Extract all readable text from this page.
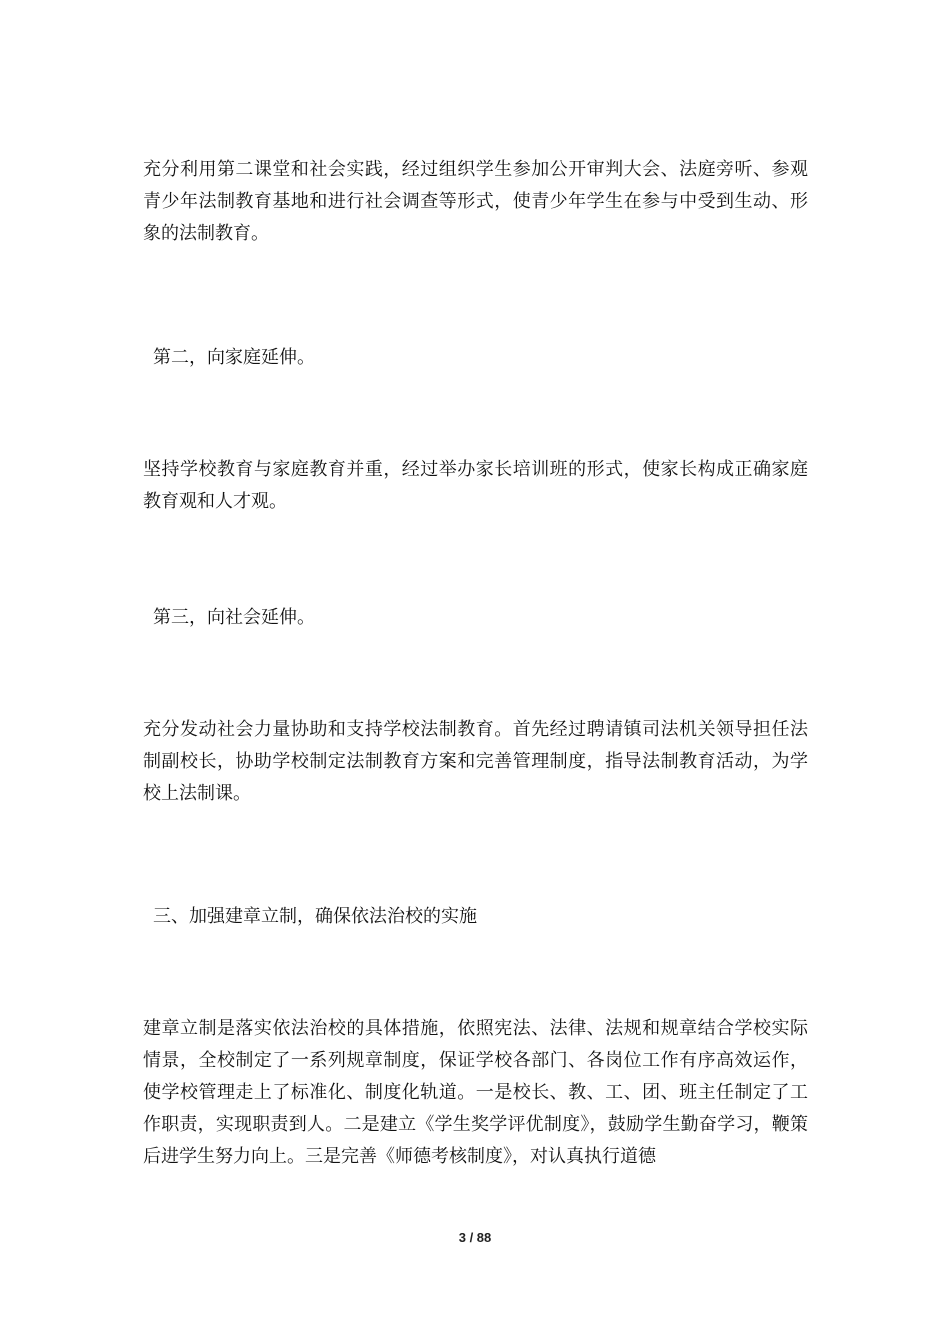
充分利用第二课堂和社会实践，经过组织学生参加公开审判大会、法庭旁听、参观青少年法制教育基地和进行社会调查等形式，使青少年学生在参与中受到生动、形象的法制教育。

第二，向家庭延伸。

坚持学校教育与家庭教育并重，经过举办家长培训班的形式，使家长构成正确家庭教育观和人才观。

第三，向社会延伸。

充分发动社会力量协助和支持学校法制教育。首先经过聘请镇司法机关领导担任法制副校长，协助学校制定法制教育方案和完善管理制度，指导法制教育活动，为学校上法制课。

三、加强建章立制，确保依法治校的实施

建章立制是落实依法治校的具体措施，依照宪法、法律、法规和规章结合学校实际情景，全校制定了一系列规章制度，保证学校各部门、各岗位工作有序高效运作，使学校管理走上了标准化、制度化轨道。一是校长、教、工、团、班主任制定了工作职责，实现职责到人。二是建立《学生奖学评优制度》，鼓励学生勤奋学习，鞭策后进学生努力向上。三是完善《师德考核制度》，对认真执行道德

3 / 88
